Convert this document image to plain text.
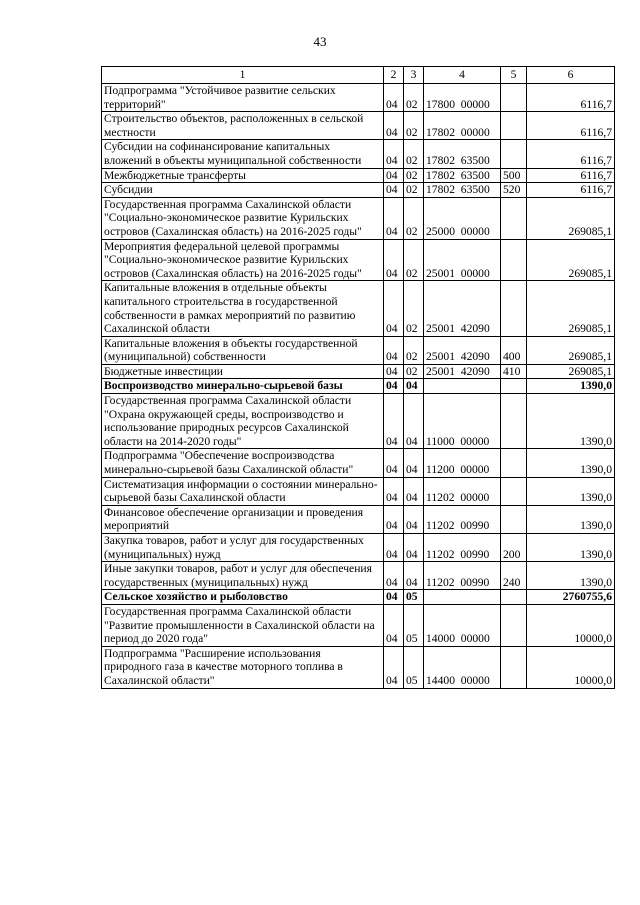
43
1	2	3	4	5	6
Подпрограмма "Устойчивое развитие сельских территорий"	04	02	17800  00000		6116,7
Строительство объектов, расположенных в сельской местности	04	02	17802  00000		6116,7
Субсидии на софинансирование капитальных вложений в объекты муниципальной собственности	04	02	17802  63500		6116,7
Межбюджетные трансферты	04	02	17802  63500	500	6116,7
Субсидии	04	02	17802  63500	520	6116,7
Государственная программа Сахалинской области "Социально-экономическое развитие Курильских островов (Сахалинская область) на 2016-2025 годы"	04	02	25000  00000		269085,1
Мероприятия федеральной целевой программы "Социально-экономическое развитие Курильских островов (Сахалинская область) на 2016-2025 годы"	04	02	25001  00000		269085,1
Капитальные вложения в отдельные объекты капитального строительства в государственной собственности в рамках мероприятий по развитию Сахалинской области	04	02	25001  42090		269085,1
Капитальные вложения в объекты государственной (муниципальной) собственности	04	02	25001  42090	400	269085,1
Бюджетные инвестиции	04	02	25001  42090	410	269085,1
Воспроизводство минерально-сырьевой базы	04	04			1390,0
Государственная программа Сахалинской области "Охрана окружающей среды, воспроизводство и использование природных ресурсов Сахалинской области на 2014-2020 годы"	04	04	11000  00000		1390,0
Подпрограмма "Обеспечение воспроизводства минерально-сырьевой базы Сахалинской области"	04	04	11200  00000		1390,0
Систематизация информации о состоянии минерально-сырьевой базы Сахалинской области	04	04	11202  00000		1390,0
Финансовое обеспечение организации и проведения мероприятий	04	04	11202  00990		1390,0
Закупка товаров, работ и услуг для государственных (муниципальных) нужд	04	04	11202  00990	200	1390,0
Иные закупки товаров, работ и услуг для обеспечения государственных (муниципальных) нужд	04	04	11202  00990	240	1390,0
Сельское хозяйство и рыболовство	04	05			2760755,6
Государственная программа Сахалинской области "Развитие промышленности в Сахалинской области на период до 2020 года"	04	05	14000  00000		10000,0
Подпрограмма "Расширение использования природного газа в качестве моторного топлива в Сахалинской области"	04	05	14400  00000		10000,0
